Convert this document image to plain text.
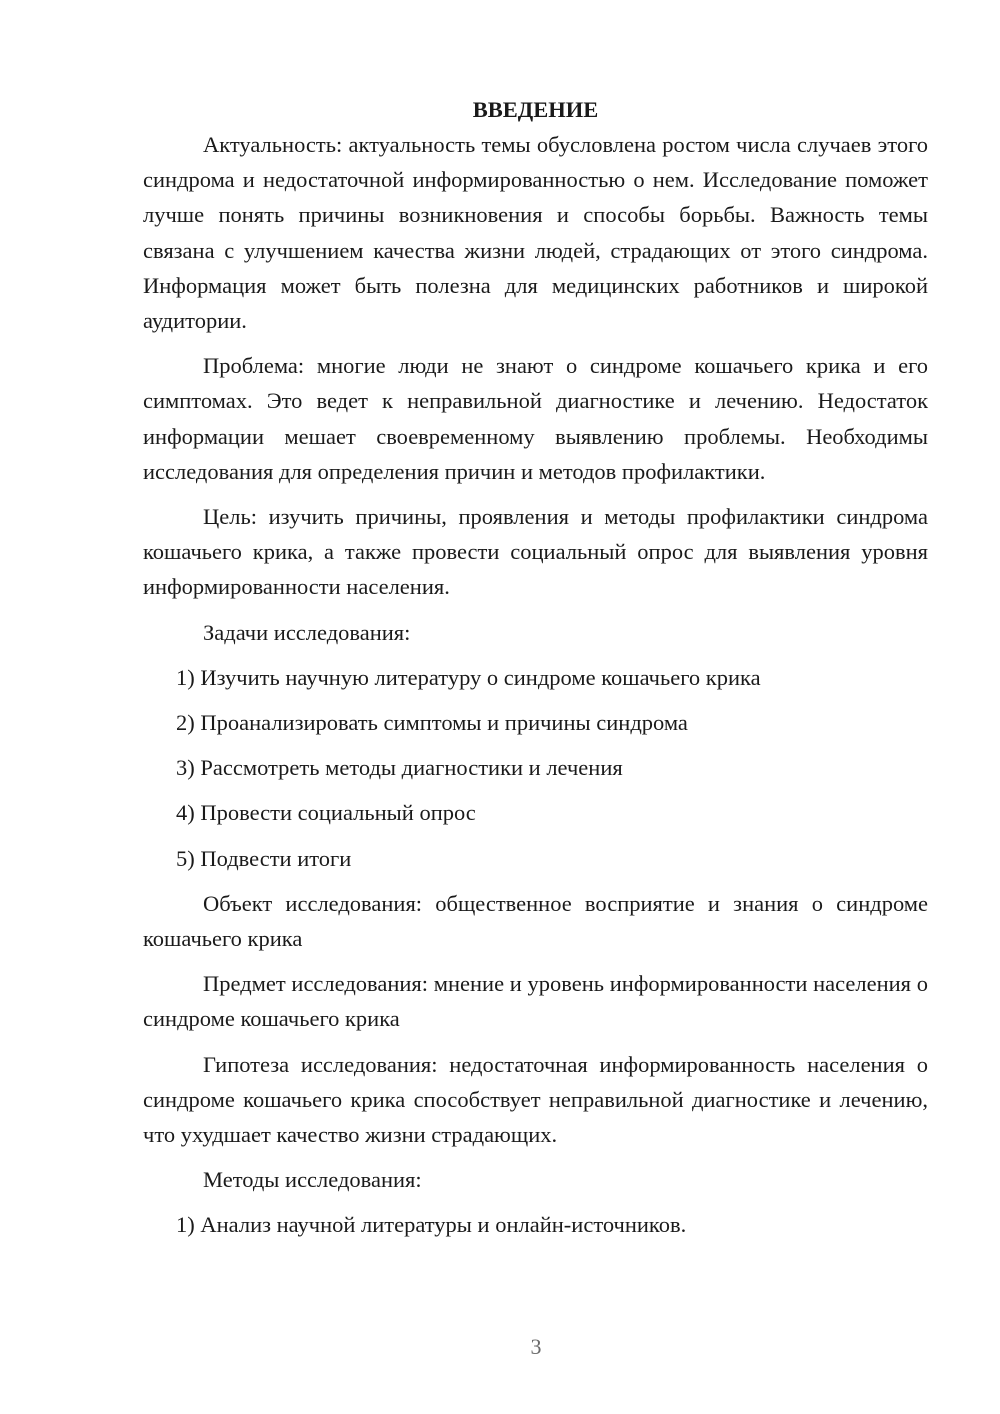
ВВЕДЕНИЕ

Актуальность: актуальность темы обусловлена ростом числа случаев этого синдрома и недостаточной информированностью о нем. Исследование поможет лучше понять причины возникновения и способы борьбы. Важность темы связана с улучшением качества жизни людей, страдающих от этого синдрома. Информация может быть полезна для медицинских работников и широкой аудитории.

Проблема: многие люди не знают о синдроме кошачьего крика и его симптомах. Это ведет к неправильной диагностике и лечению. Недостаток информации мешает своевременному выявлению проблемы. Необходимы исследования для определения причин и методов профилактики.

Цель: изучить причины, проявления и методы профилактики синдрома кошачьего крика, а также провести социальный опрос для выявления уровня информированности населения.

Задачи исследования:
1) Изучить научную литературу о синдроме кошачьего крика
2) Проанализировать симптомы и причины синдрома
3) Рассмотреть методы диагностики и лечения
4) Провести социальный опрос
5) Подвести итоги

Объект исследования: общественное восприятие и знания о синдроме кошачьего крика

Предмет исследования: мнение и уровень информированности населения о синдроме кошачьего крика

Гипотеза исследования: недостаточная информированность населения о синдроме кошачьего крика способствует неправильной диагностике и лечению, что ухудшает качество жизни страдающих.

Методы исследования:
1) Анализ научной литературы и онлайн-источников.
3
